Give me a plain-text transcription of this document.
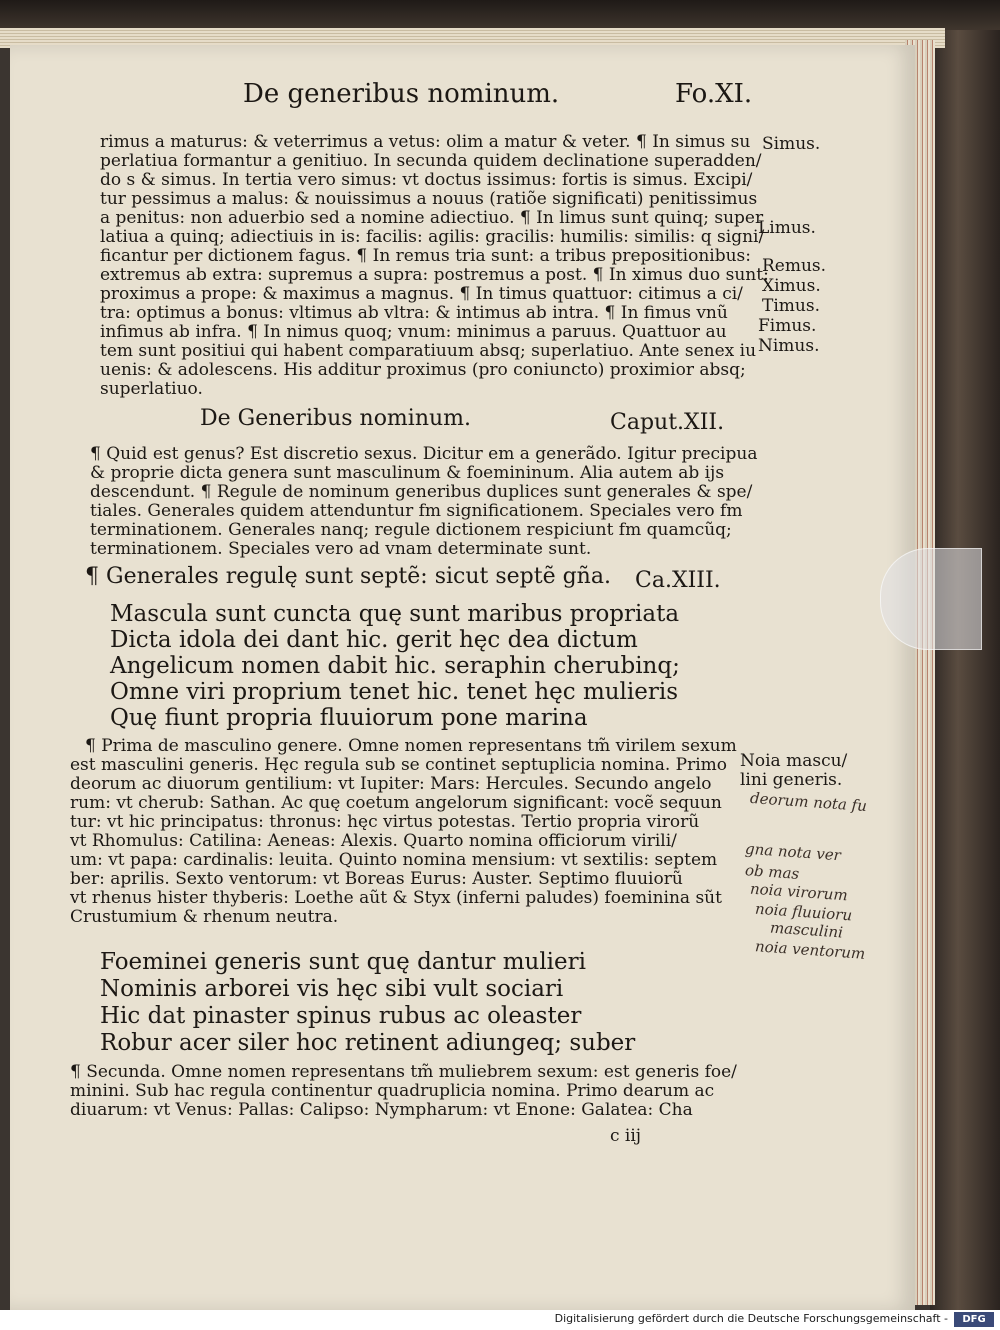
De generibus nominum.	Fo.XI.
rimus a maturus: & veterrimus a vetus: olim a matur & veter. ¶ In simus su
perlatiua formantur a genitiuo. In secunda quidem declinatione superadden/
do s & simus. In tertia vero simus: vt doctus issimus: fortis is simus. Excipi/
tur pessimus a malus: & nouissimus a nouus (ratiõe significati) penitissimus
a penitus: non aduerbio sed a nomine adiectiuo. ¶ In limus sunt quinq; super
latiua a quinq; adiectiuis in is: facilis: agilis: gracilis: humilis: similis: q signi/
ficantur per dictionem fagus. ¶ In remus tria sunt: a tribus prepositionibus:
extremus ab extra: supremus a supra: postremus a post. ¶ In ximus duo sunt:
proximus a prope: & maximus a magnus. ¶ In timus quattuor: citimus a ci/
tra: optimus a bonus: vltimus ab vltra: & intimus ab intra. ¶ In fimus vnũ
infimus ab infra. ¶ In nimus quoq; vnum: minimus a paruus. Quattuor au
tem sunt positiui qui habent comparatiuum absq; superlatiuo. Ante senex iu
uenis: & adolescens. His additur proximus (pro coniuncto) proximior absq;
superlatiuo.
Simus.
Limus.
Remus.
Ximus.
Timus.
Fimus.
Nimus.
De Generibus nominum.	Caput.XII.
¶ Quid est genus? Est discretio sexus. Dicitur em a generãdo. Igitur precipua
& proprie dicta genera sunt masculinum & foemininum. Alia autem ab ijs
descendunt. ¶ Regule de nominum generibus duplices sunt generales & spe/
tiales. Generales quidem attenduntur fm significationem. Speciales vero fm
terminationem. Generales nanq; regule dictionem respiciunt fm quamcũq;
terminationem. Speciales vero ad vnam determinate sunt.
¶ Generales regulę sunt septẽ: sicut septẽ gña. Ca.XIII.
Mascula sunt cuncta quę sunt maribus propriata
Dicta idola dei dant hic. gerit hęc dea dictum
Angelicum nomen dabit hic. seraphin cherubinq;
Omne viri proprium tenet hic. tenet hęc mulieris
Quę fiunt propria fluuiorum pone marina
¶ Prima de masculino genere. Omne nomen representans tm̃ virilem sexum
est masculini generis. Hęc regula sub se continet septuplicia nomina. Primo
deorum ac diuorum gentilium: vt Iupiter: Mars: Hercules. Secundo angelo
rum: vt cherub: Sathan. Ac quę coetum angelorum significant: vocẽ sequun
tur: vt hic principatus: thronus: hęc virtus potestas. Tertio propria virorũ
vt Rhomulus: Catilina: Aeneas: Alexis. Quarto nomina officiorum virili/
um: vt papa: cardinalis: leuita. Quinto nomina mensium: vt sextilis: septem
ber: aprilis. Sexto ventorum: vt Boreas Eurus: Auster. Septimo fluuiorũ
vt rhenus hister thyberis: Loethe aũt & Styx (inferni paludes) foeminina sũt
Crustumium & rhenum neutra.
Noia mascu/
lini generis.
deorum nota fu
gna nota ver
ob mas
noia virorum
noia fluuioru
masculini
noia ventorum
Foeminei generis sunt quę dantur mulieri
Nominis arborei vis hęc sibi vult sociari
Hic dat pinaster spinus rubus ac oleaster
Robur acer siler hoc retinent adiungeq; suber
¶ Secunda. Omne nomen representans tm̃ muliebrem sexum: est generis foe/
minini. Sub hac regula continentur quadruplicia nomina. Primo dearum ac
diuarum: vt Venus: Pallas: Calipso: Nympharum: vt Enone: Galatea: Cha
c iij
Digitalisierung gefördert durch die Deutsche Forschungsgemeinschaft -	DFG
